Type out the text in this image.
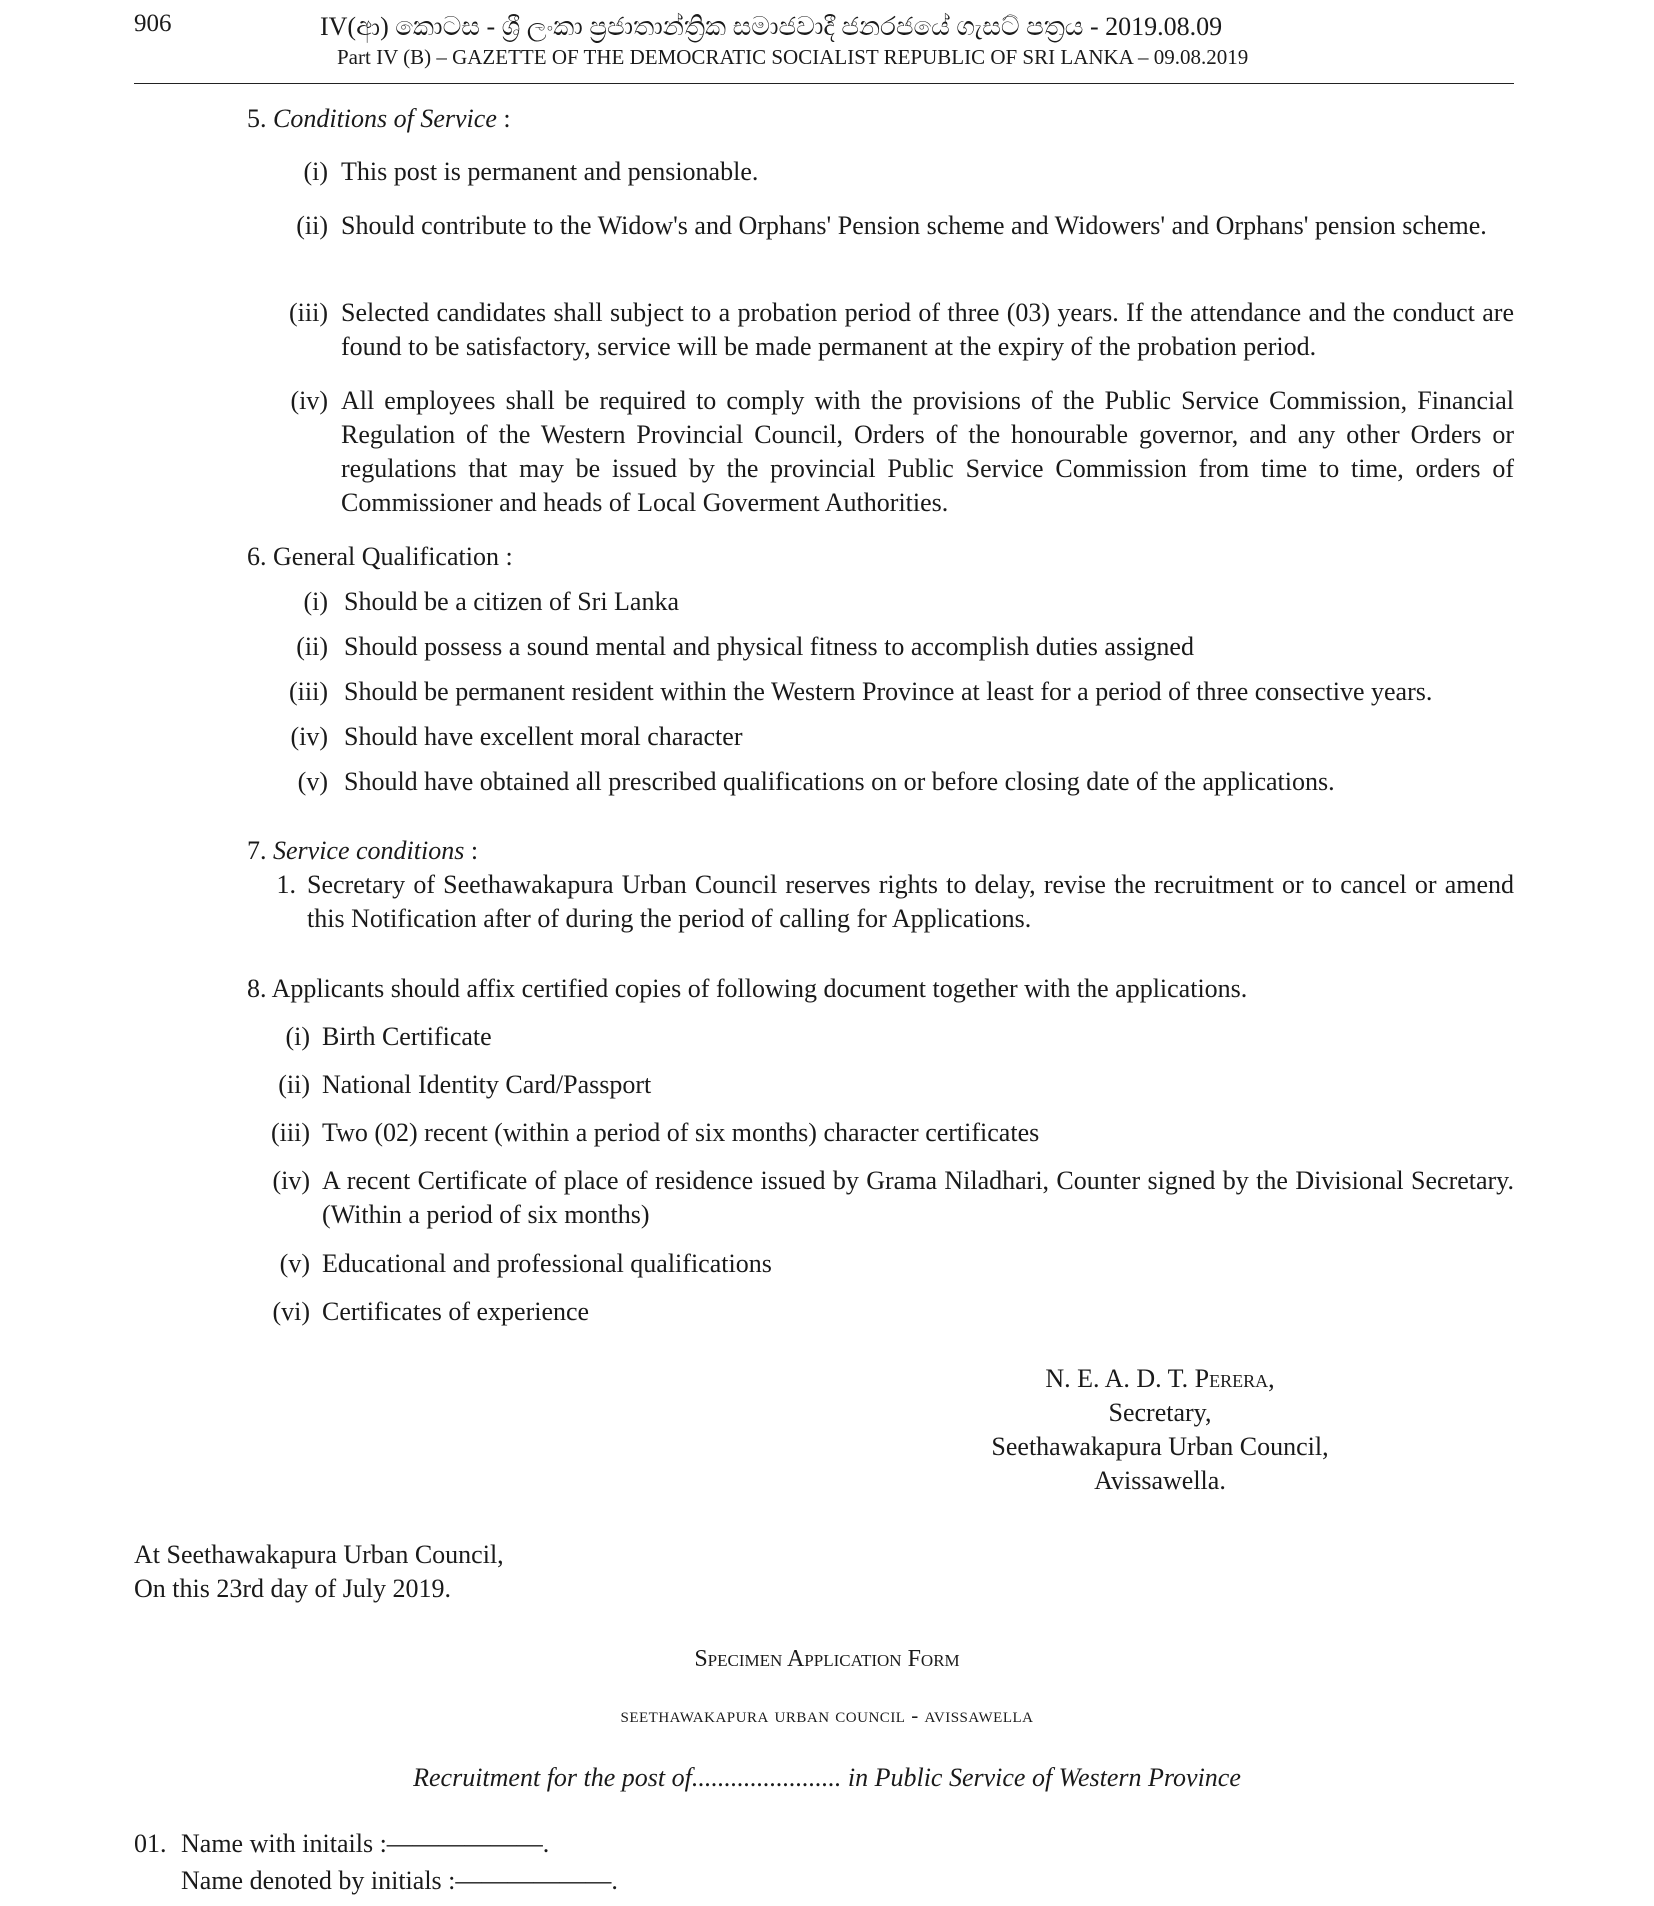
906	IV(ආ) කොටස - ශ්‍රී ලංකා ප්‍රජාතාන්ත්‍රික සමාජවාදී ජනරජයේ ගැසට් පත්‍රය - 2019.08.09
Part IV (B) – GAZETTE OF THE DEMOCRATIC SOCIALIST REPUBLIC OF SRI LANKA – 09.08.2019
5. Conditions of Service :
(i) This post is permanent and pensionable.
(ii) Should contribute to the Widow's and Orphans' Pension scheme and Widowers' and Orphans' pension scheme.
(iii) Selected candidates shall subject to a probation period of three (03) years. If the attendance and the conduct are found to be satisfactory, service will be made permanent at the expiry of the probation period.
(iv) All employees shall be required to comply with the provisions of the Public Service Commission, Financial Regulation of the Western Provincial Council, Orders of the honourable governor, and any other Orders or regulations that may be issued by the provincial Public Service Commission from time to time, orders of Commissioner and heads of Local Goverment Authorities.
6. General Qualification :
(i) Should be a citizen of Sri Lanka
(ii) Should possess a sound mental and physical fitness to accomplish duties assigned
(iii) Should be permanent resident within the Western Province at least for a period of three consective years.
(iv) Should have excellent moral character
(v) Should have obtained all prescribed qualifications on or before closing date of the applications.
7. Service conditions :
1. Secretary of Seethawakapura Urban Council reserves rights to delay, revise the recruitment or to cancel or amend this Notification after of during the period of calling for Applications.
8. Applicants should affix certified copies of following document together with the applications.
(i) Birth Certificate
(ii) National Identity Card/Passport
(iii) Two (02) recent (within a period of six months) character certificates
(iv) A recent Certificate of place of residence issued by Grama Niladhari, Counter signed by the Divisional Secretary. (Within a period of six months)
(v) Educational and professional qualifications
(vi) Certificates of experience
N. E. A. D. T. Perera,
Secretary,
Seethawakapura Urban Council,
Avissawella.
At Seethawakapura Urban Council,
On this 23rd day of July 2019.
Specimen Application Form
seethawakapura urban council - avissawella
Recruitment for the post of....................... in Public Service of Western Province
01. Name with initails :——————.
Name denoted by initials :——————.
